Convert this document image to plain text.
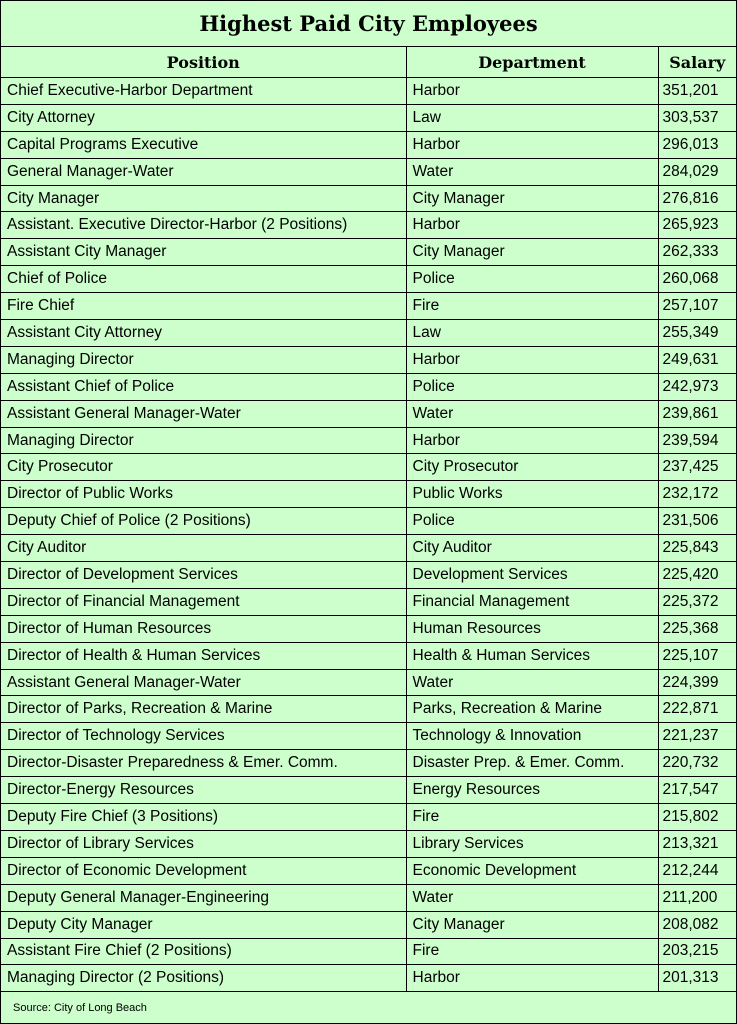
Highest Paid City Employees
Position	Department	Salary
Chief Executive-Harbor Department	Harbor	351,201
City Attorney	Law	303,537
Capital Programs Executive	Harbor	296,013
General Manager-Water	Water	284,029
City Manager	City Manager	276,816
Assistant. Executive Director-Harbor (2 Positions)	Harbor	265,923
Assistant City Manager	City Manager	262,333
Chief of Police	Police	260,068
Fire Chief	Fire	257,107
Assistant City Attorney	Law	255,349
Managing Director	Harbor	249,631
Assistant Chief of Police	Police	242,973
Assistant General Manager-Water	Water	239,861
Managing Director	Harbor	239,594
City Prosecutor	City Prosecutor	237,425
Director of Public Works	Public Works	232,172
Deputy Chief of Police (2 Positions)	Police	231,506
City Auditor	City Auditor	225,843
Director of Development Services	Development Services	225,420
Director of Financial Management	Financial Management	225,372
Director of Human Resources	Human Resources	225,368
Director of Health & Human Services	Health & Human Services	225,107
Assistant General Manager-Water	Water	224,399
Director of Parks, Recreation & Marine	Parks, Recreation & Marine	222,871
Director of Technology Services	Technology & Innovation	221,237
Director-Disaster Preparedness & Emer. Comm.	Disaster Prep. & Emer. Comm.	220,732
Director-Energy Resources	Energy Resources	217,547
Deputy Fire Chief (3 Positions)	Fire	215,802
Director of Library Services	Library Services	213,321
Director of Economic Development	Economic Development	212,244
Deputy General Manager-Engineering	Water	211,200
Deputy City Manager	City Manager	208,082
Assistant Fire Chief (2 Positions)	Fire	203,215
Managing Director (2 Positions)	Harbor	201,313
Source: City of Long Beach
